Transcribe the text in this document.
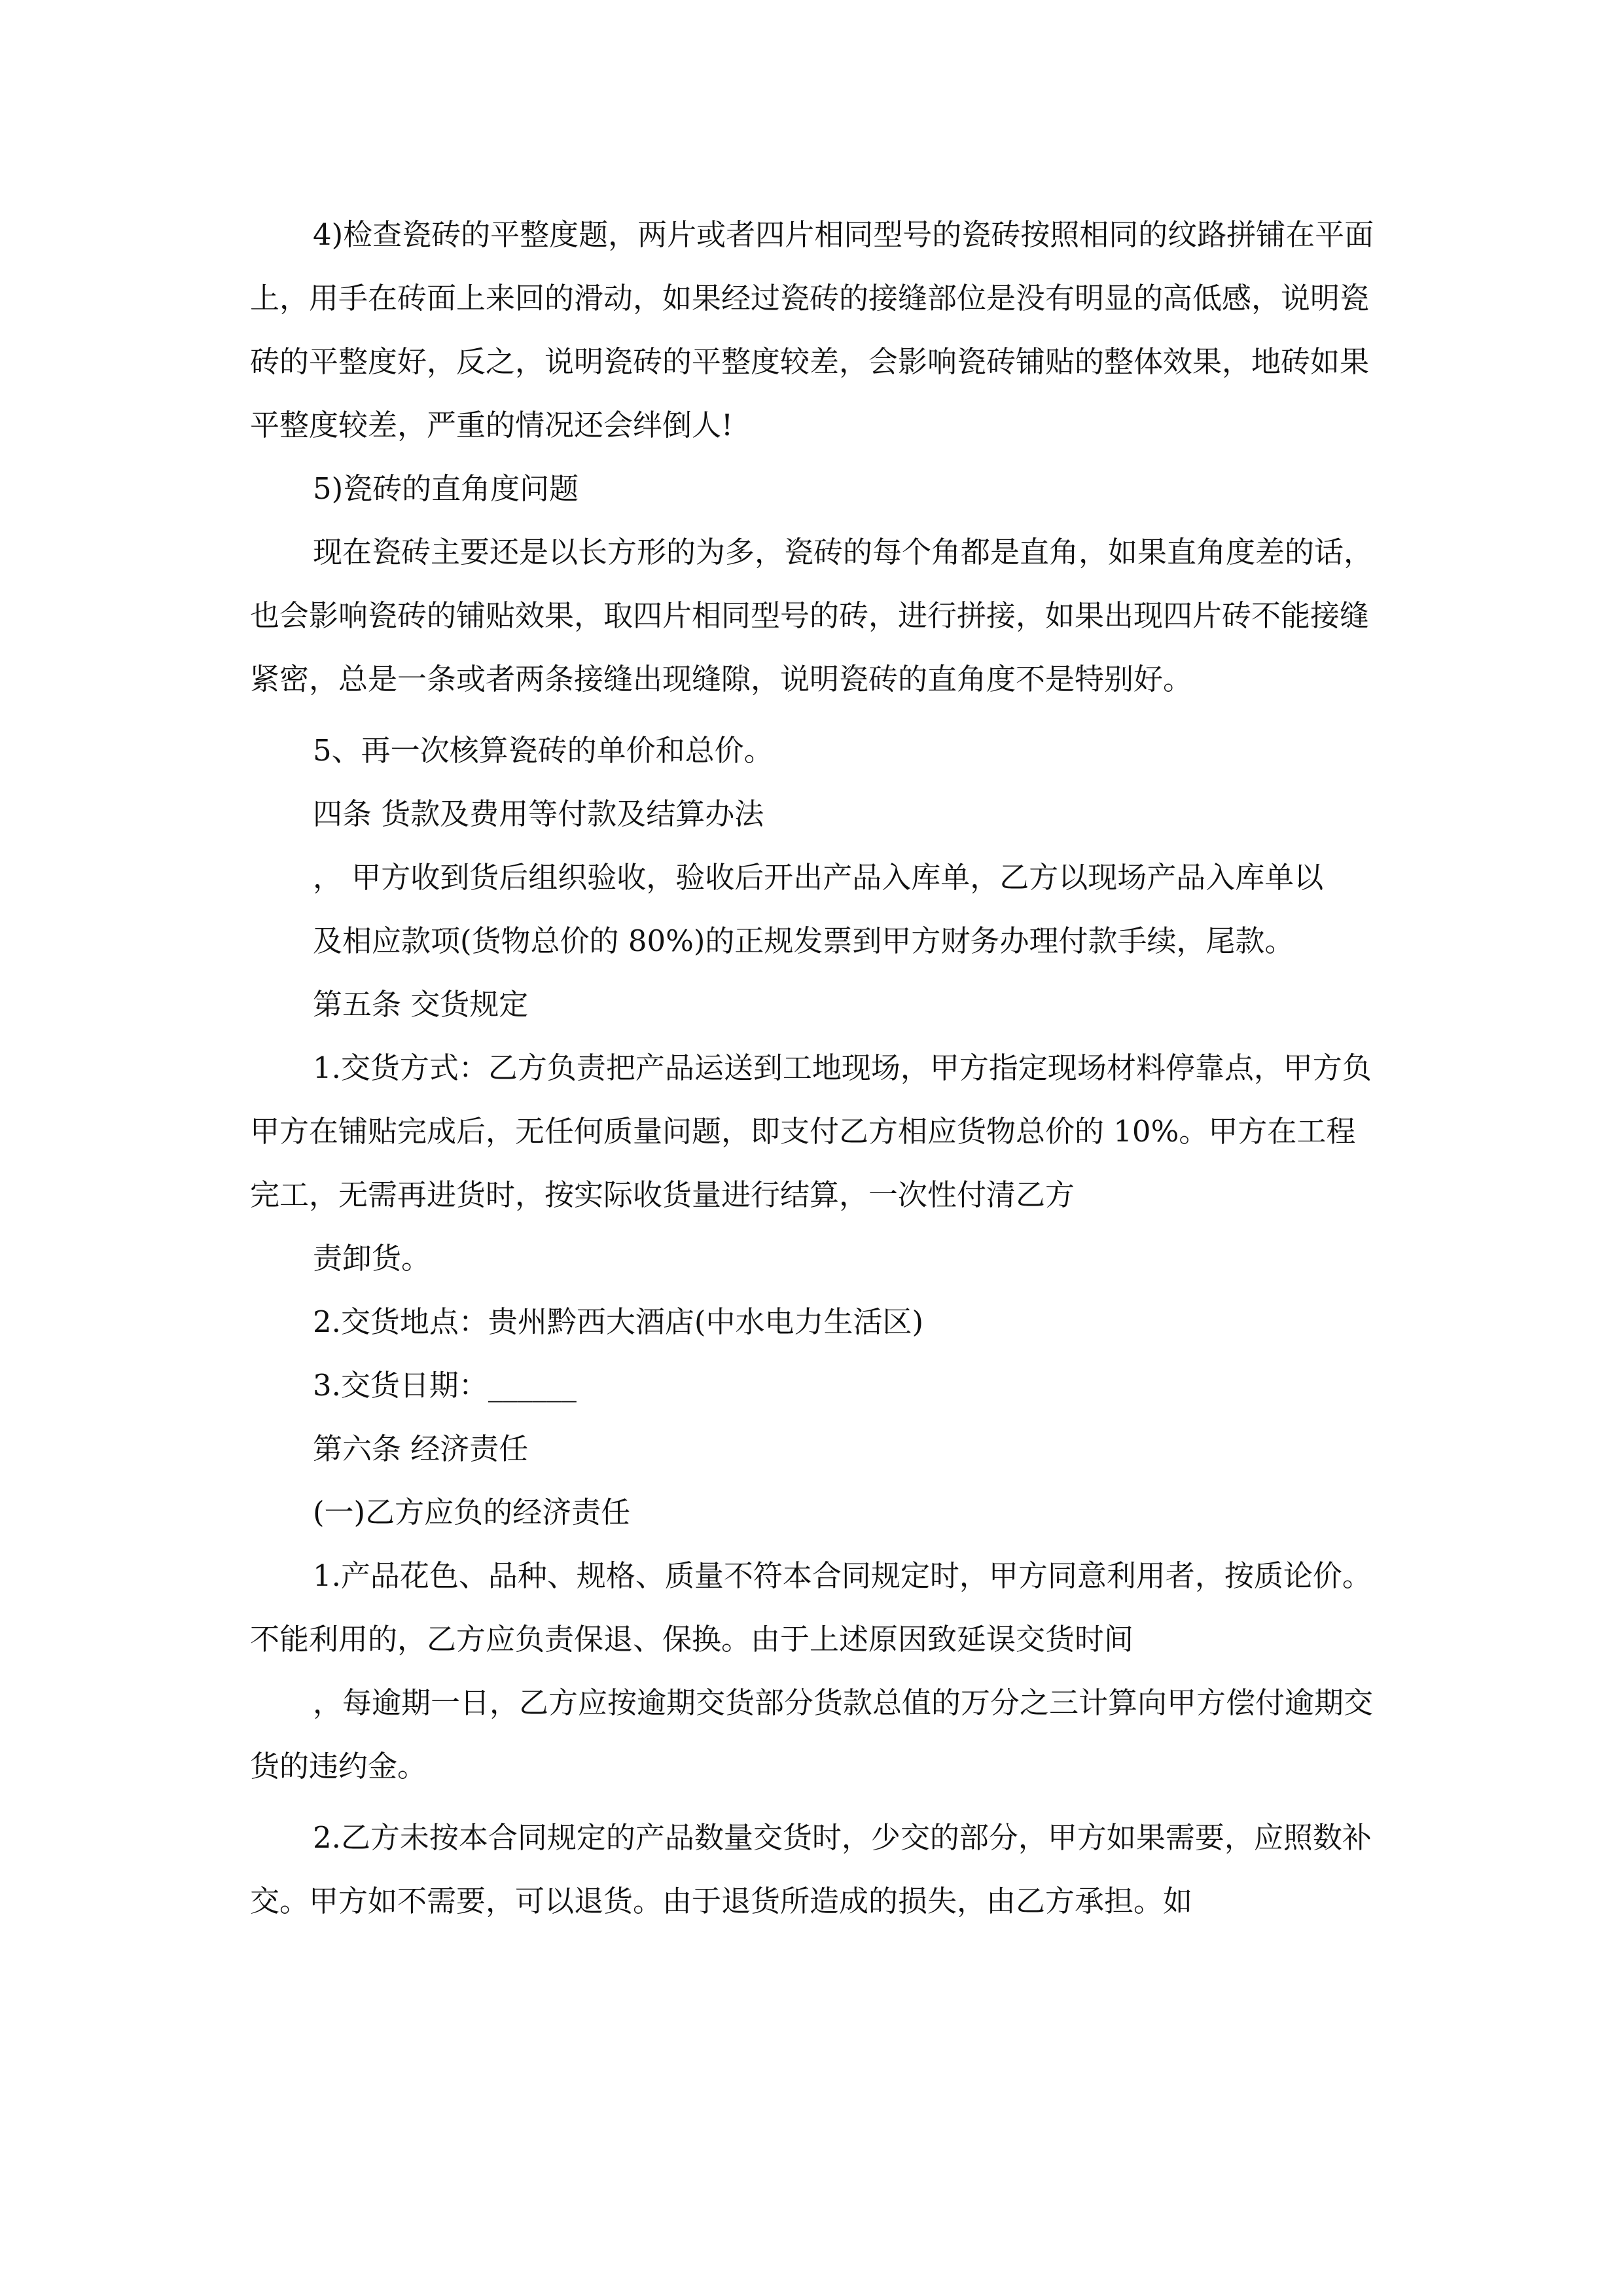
4)检查瓷砖的平整度题，两片或者四片相同型号的瓷砖按照相同的纹路拼铺在平面上，用手在砖面上来回的滑动，如果经过瓷砖的接缝部位是没有明显的高低感，说明瓷砖的平整度好，反之，说明瓷砖的平整度较差，会影响瓷砖铺贴的整体效果，地砖如果平整度较差，严重的情况还会绊倒人!

5)瓷砖的直角度问题

现在瓷砖主要还是以长方形的为多，瓷砖的每个角都是直角，如果直角度差的话，也会影响瓷砖的铺贴效果，取四片相同型号的砖，进行拼接，如果出现四片砖不能接缝紧密，总是一条或者两条接缝出现缝隙，说明瓷砖的直角度不是特别好。

5、再一次核算瓷砖的单价和总价。

四条 货款及费用等付款及结算办法

， 甲方收到货后组织验收，验收后开出产品入库单，乙方以现场产品入库单以

及相应款项(货物总价的 80%)的正规发票到甲方财务办理付款手续，尾款。

第五条 交货规定

1.交货方式：乙方负责把产品运送到工地现场，甲方指定现场材料停靠点，甲方负甲方在铺贴完成后，无任何质量问题，即支付乙方相应货物总价的 10%。甲方在工程完工，无需再进货时，按实际收货量进行结算，一次性付清乙方

责卸货。

2.交货地点：贵州黔西大酒店(中水电力生活区)

3.交货日期：______

第六条 经济责任

(一)乙方应负的经济责任

1.产品花色、品种、规格、质量不符本合同规定时，甲方同意利用者，按质论价。不能利用的，乙方应负责保退、保换。由于上述原因致延误交货时间

，每逾期一日，乙方应按逾期交货部分货款总值的万分之三计算向甲方偿付逾期交 货的违约金。

2.乙方未按本合同规定的产品数量交货时，少交的部分，甲方如果需要，应照数补交。甲方如不需要，可以退货。由于退货所造成的损失，由乙方承担。如
